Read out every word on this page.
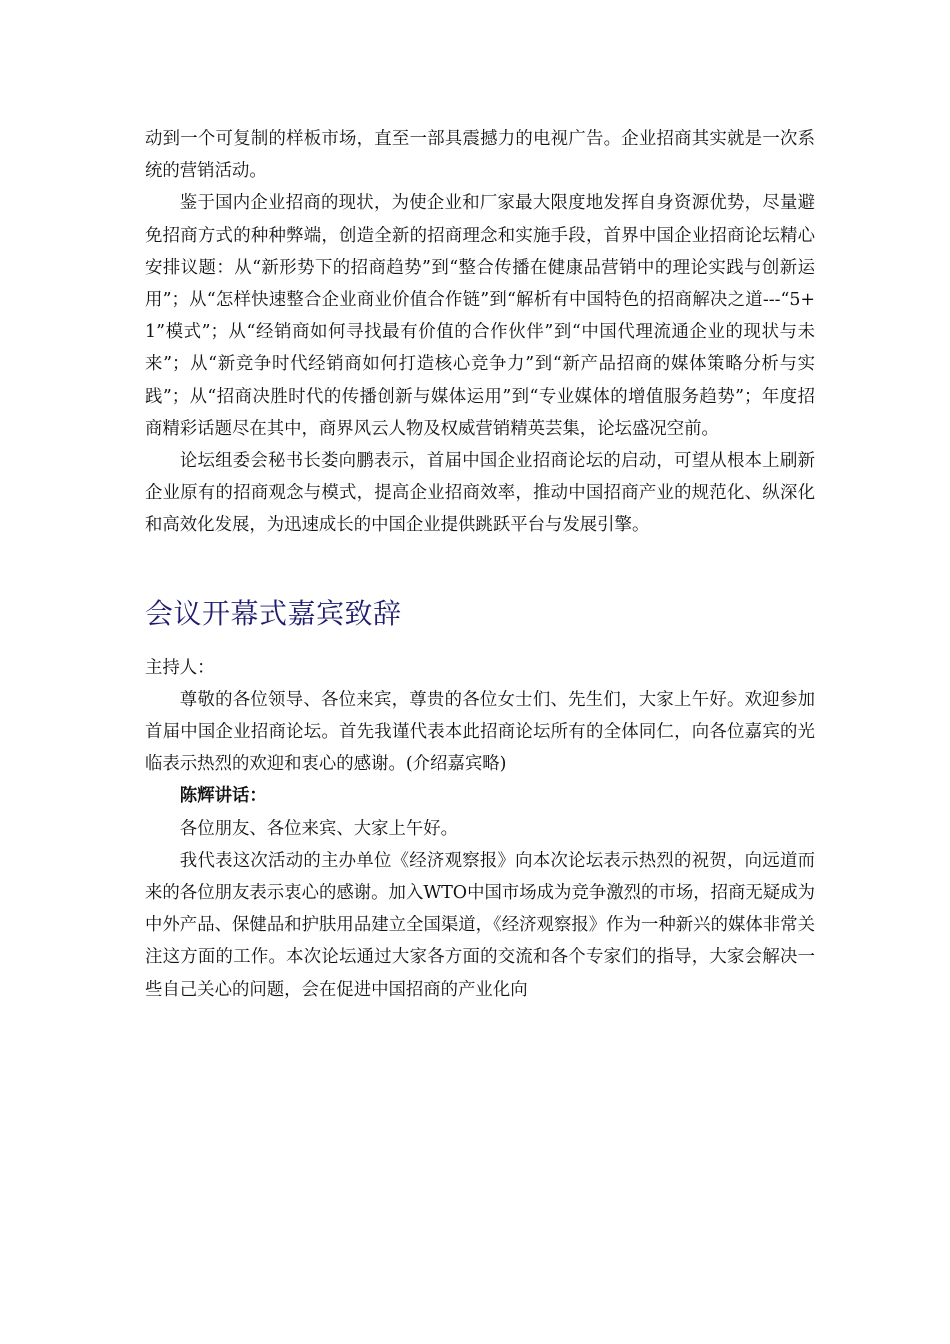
动到一个可复制的样板市场，直至一部具震撼力的电视广告。企业招商其实就是一次系统的营销活动。

鉴于国内企业招商的现状，为使企业和厂家最大限度地发挥自身资源优势，尽量避免招商方式的种种弊端，创造全新的招商理念和实施手段，首界中国企业招商论坛精心安排议题：从“新形势下的招商趋势”到“整合传播在健康品营销中的理论实践与创新运用”；从“怎样快速整合企业商业价值合作链”到“解析有中国特色的招商解决之道---“5+1”模式”；从“经销商如何寻找最有价值的合作伙伴”到“中国代理流通企业的现状与未来”；从“新竞争时代经销商如何打造核心竞争力”到“新产品招商的媒体策略分析与实践”；从“招商决胜时代的传播创新与媒体运用”到“专业媒体的增值服务趋势”；年度招商精彩话题尽在其中，商界风云人物及权威营销精英芸集，论坛盛况空前。

论坛组委会秘书长娄向鹏表示，首届中国企业招商论坛的启动，可望从根本上刷新企业原有的招商观念与模式，提高企业招商效率，推动中国招商产业的规范化、纵深化和高效化发展，为迅速成长的中国企业提供跳跃平台与发展引擎。

会议开幕式嘉宾致辞

主持人：

尊敬的各位领导、各位来宾，尊贵的各位女士们、先生们，大家上午好。欢迎参加首届中国企业招商论坛。首先我谨代表本此招商论坛所有的全体同仁，向各位嘉宾的光临表示热烈的欢迎和衷心的感谢。(介绍嘉宾略)

陈辉讲话：

各位朋友、各位来宾、大家上午好。

我代表这次活动的主办单位《经济观察报》向本次论坛表示热烈的祝贺，向远道而来的各位朋友表示衷心的感谢。加入WTO中国市场成为竞争激烈的市场，招商无疑成为中外产品、保健品和护肤用品建立全国渠道，《经济观察报》作为一种新兴的媒体非常关注这方面的工作。本次论坛通过大家各方面的交流和各个专家们的指导，大家会解决一些自己关心的问题，会在促进中国招商的产业化向
